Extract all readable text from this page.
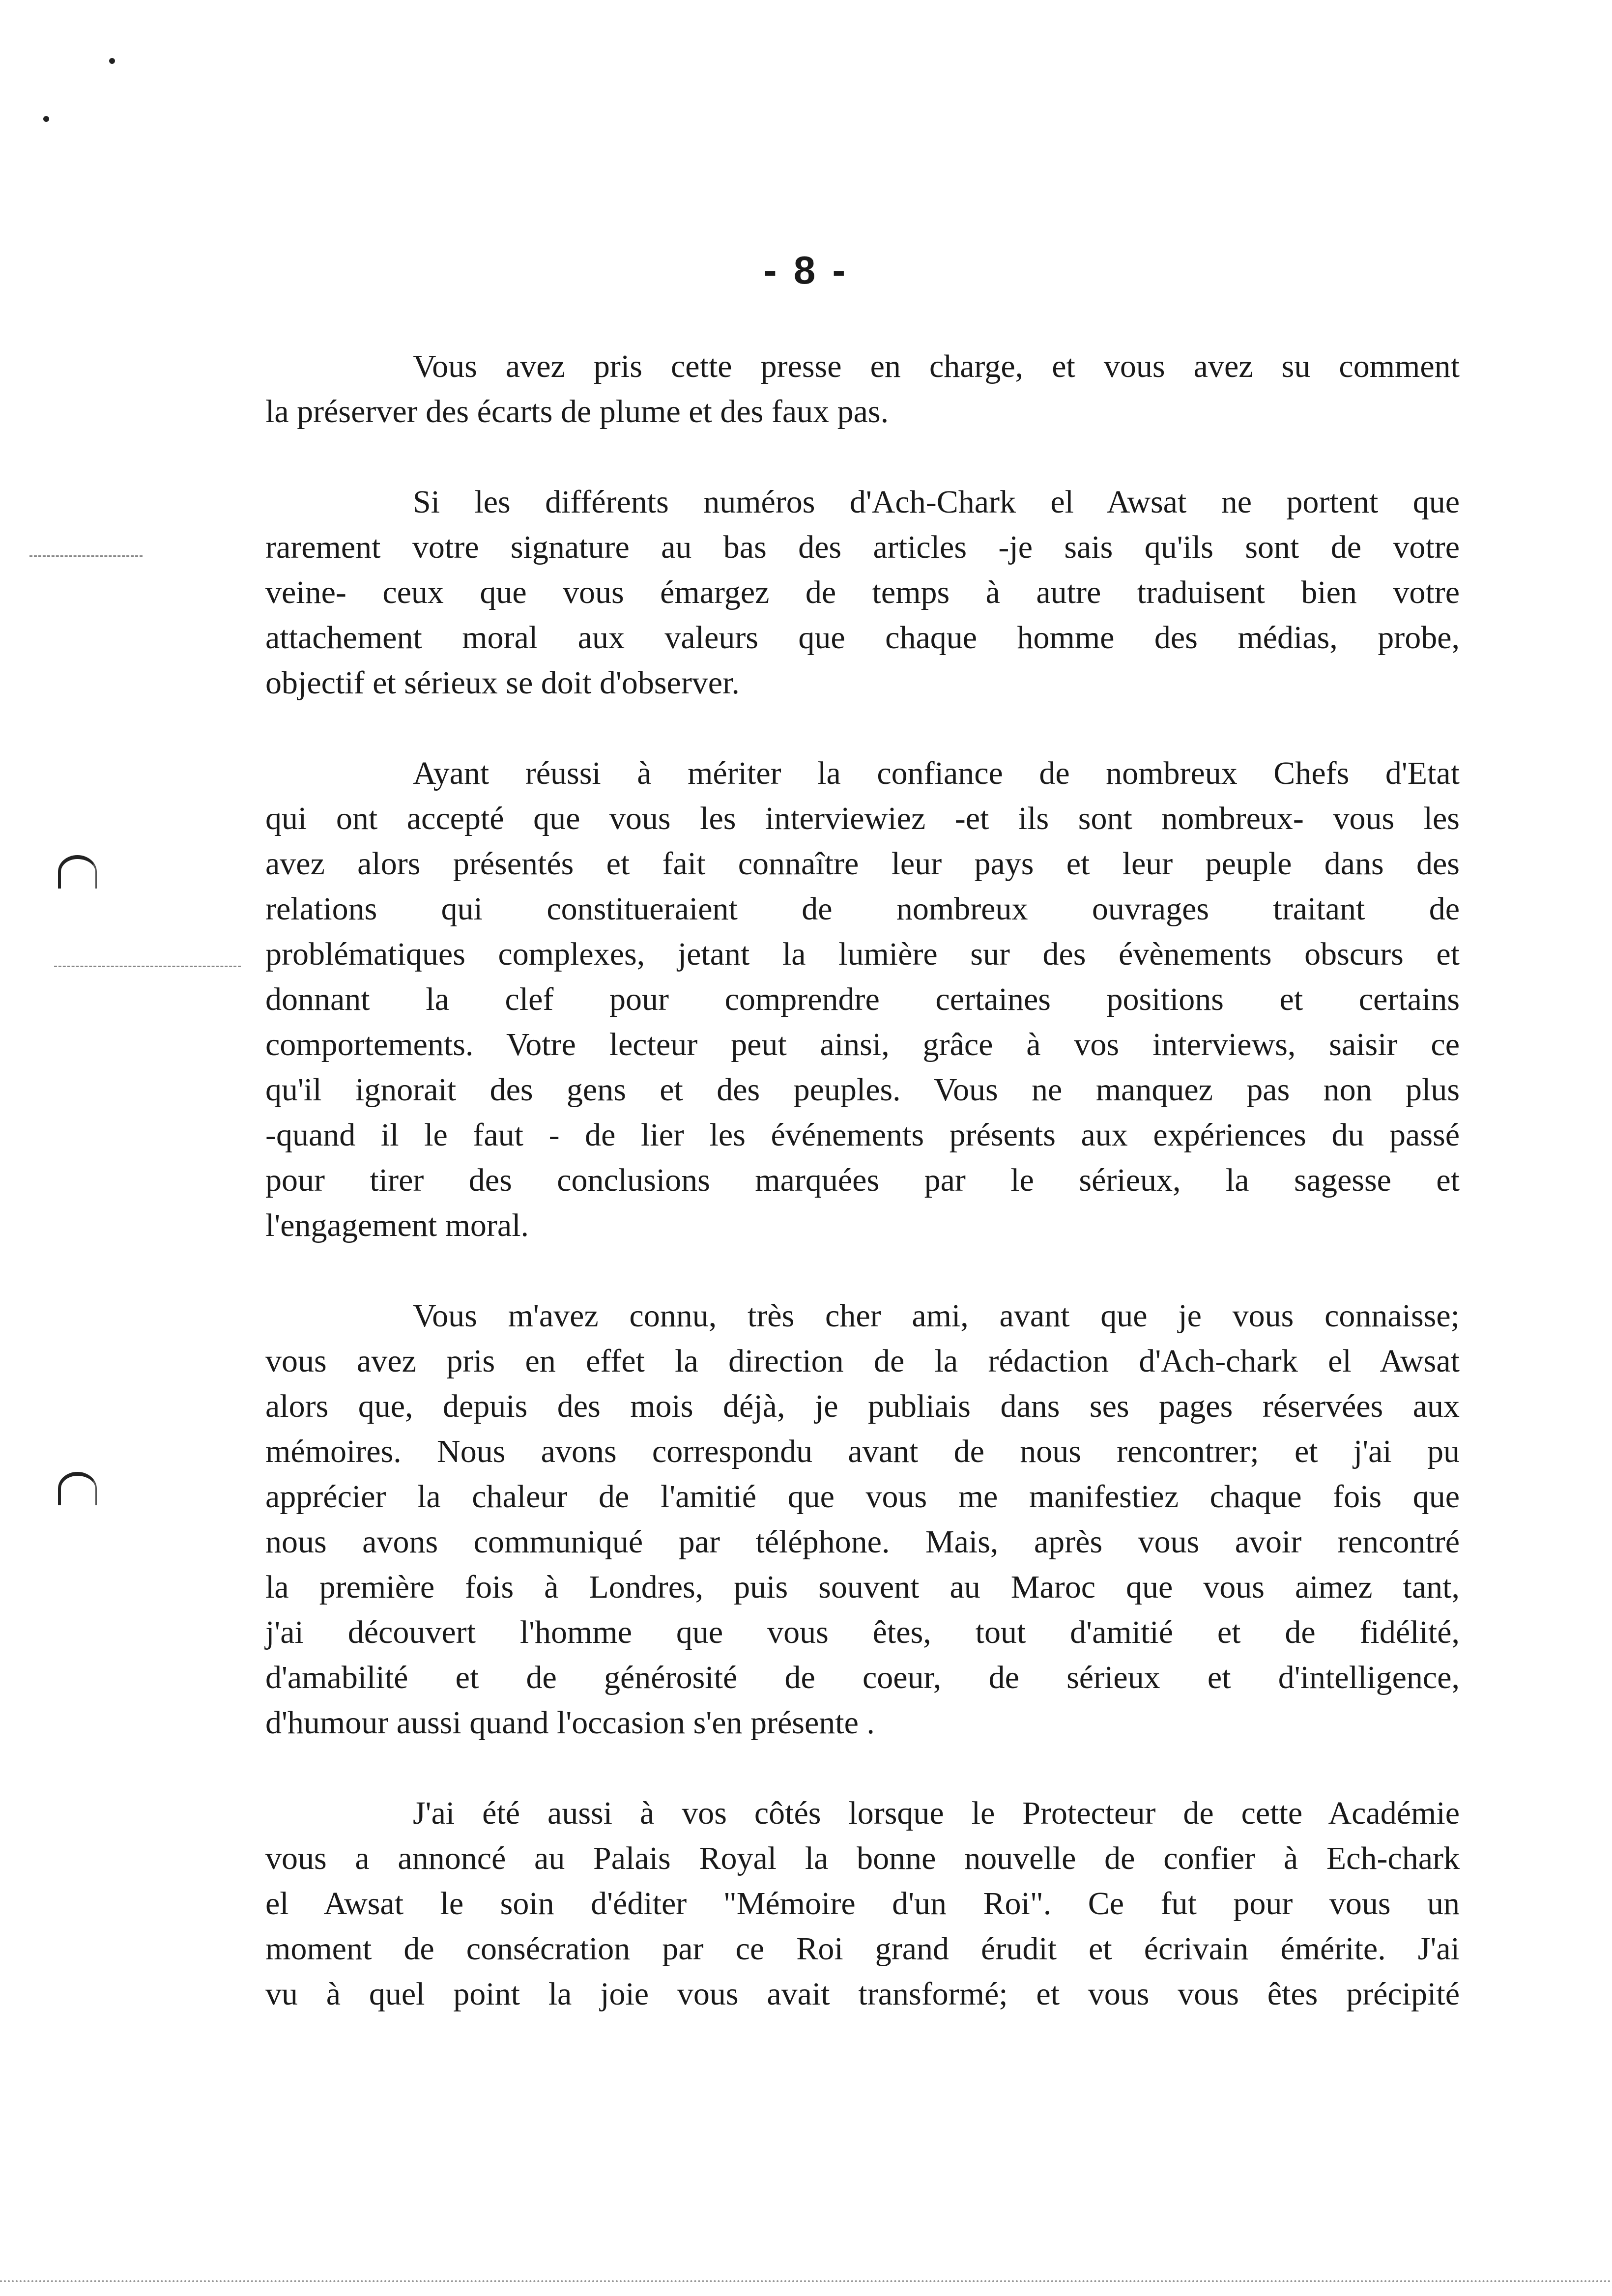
- 8 -

Vous avez pris cette presse en charge, et vous avez su comment
la préserver des écarts de plume et des faux pas.

Si les différents numéros d'Ach-Chark el Awsat ne portent que
rarement votre signature au bas des articles -je sais qu'ils sont de votre
veine- ceux que vous émargez de temps à autre traduisent bien votre
attachement moral aux valeurs que chaque homme des médias, probe,
objectif et sérieux se doit d'observer.

Ayant réussi à mériter la confiance de nombreux Chefs d'Etat
qui ont accepté que vous les interviewiez -et ils sont nombreux- vous les
avez alors présentés et fait connaître leur pays et leur peuple dans des
relations qui constitueraient de nombreux ouvrages traitant de
problématiques complexes, jetant la lumière sur des évènements obscurs et
donnant la clef pour comprendre certaines positions et certains
comportements. Votre lecteur peut ainsi, grâce à vos interviews, saisir ce
qu'il ignorait des gens et des peuples. Vous ne manquez pas non plus
-quand il le faut - de lier les événements présents aux expériences du passé
pour tirer des conclusions marquées par le sérieux, la sagesse et
l'engagement moral.

Vous m'avez connu, très cher ami, avant que je vous connaisse;
vous avez pris en effet la direction de la rédaction d'Ach-chark el Awsat
alors que, depuis des mois déjà, je publiais dans ses pages réservées aux
mémoires. Nous avons correspondu avant de nous rencontrer; et j'ai pu
apprécier la chaleur de l'amitié que vous me manifestiez chaque fois que
nous avons communiqué par téléphone. Mais, après vous avoir rencontré
la première fois à Londres, puis souvent au Maroc que vous aimez tant,
j'ai découvert l'homme que vous êtes, tout d'amitié et de fidélité,
d'amabilité et de générosité de coeur, de sérieux et d'intelligence,
d'humour aussi quand l'occasion s'en présente .

J'ai été aussi à vos côtés lorsque le Protecteur de cette Académie
vous a annoncé au Palais Royal la bonne nouvelle de confier à Ech-chark
el Awsat le soin d'éditer "Mémoire d'un Roi". Ce fut pour vous un
moment de consécration par ce Roi grand érudit et écrivain émérite. J'ai
vu à quel point la joie vous avait transformé; et vous vous êtes précipité
